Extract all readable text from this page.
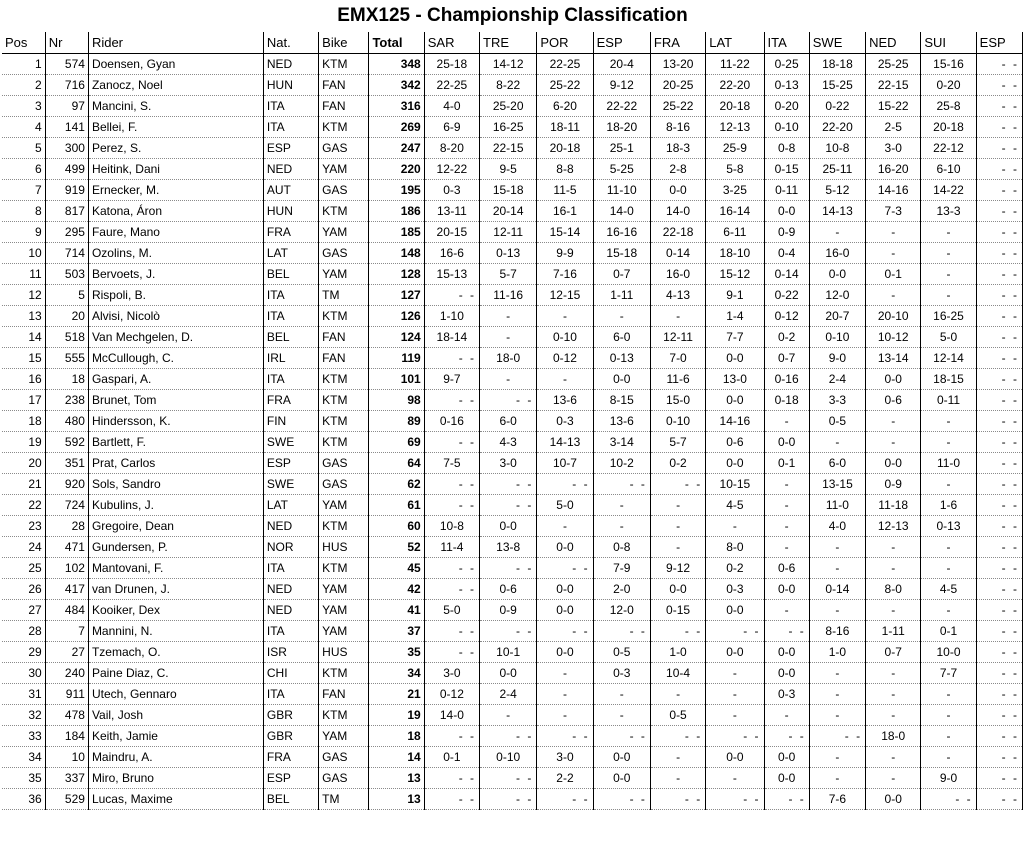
EMX125 - Championship Classification
Pos	Nr	Rider	Nat.	Bike	Total	SAR	TRE	POR	ESP	FRA	LAT	ITA	SWE	NED	SUI	ESP
1	574	Doensen, Gyan	NED	KTM	348	25-18	14-12	22-25	20-4	13-20	11-22	0-25	18-18	25-25	15-16	- -
2	716	Zanocz, Noel	HUN	FAN	342	22-25	8-22	25-22	9-12	20-25	22-20	0-13	15-25	22-15	0-20	- -
3	97	Mancini, S.	ITA	FAN	316	4-0	25-20	6-20	22-22	25-22	20-18	0-20	0-22	15-22	25-8	- -
4	141	Bellei, F.	ITA	KTM	269	6-9	16-25	18-11	18-20	8-16	12-13	0-10	22-20	2-5	20-18	- -
5	300	Perez, S.	ESP	GAS	247	8-20	22-15	20-18	25-1	18-3	25-9	0-8	10-8	3-0	22-12	- -
6	499	Heitink, Dani	NED	YAM	220	12-22	9-5	8-8	5-25	2-8	5-8	0-15	25-11	16-20	6-10	- -
7	919	Ernecker, M.	AUT	GAS	195	0-3	15-18	11-5	11-10	0-0	3-25	0-11	5-12	14-16	14-22	- -
8	817	Katona, Áron	HUN	KTM	186	13-11	20-14	16-1	14-0	14-0	16-14	0-0	14-13	7-3	13-3	- -
9	295	Faure, Mano	FRA	YAM	185	20-15	12-11	15-14	16-16	22-18	6-11	0-9	-	-	-	- -
10	714	Ozolins, M.	LAT	GAS	148	16-6	0-13	9-9	15-18	0-14	18-10	0-4	16-0	-	-	- -
11	503	Bervoets, J.	BEL	YAM	128	15-13	5-7	7-16	0-7	16-0	15-12	0-14	0-0	0-1	-	- -
12	5	Rispoli, B.	ITA	TM	127	- -	11-16	12-15	1-11	4-13	9-1	0-22	12-0	-	-	- -
13	20	Alvisi, Nicolò	ITA	KTM	126	1-10	-	-	-	-	1-4	0-12	20-7	20-10	16-25	- -
14	518	Van Mechgelen, D.	BEL	FAN	124	18-14	-	0-10	6-0	12-11	7-7	0-2	0-10	10-12	5-0	- -
15	555	McCullough, C.	IRL	FAN	119	- -	18-0	0-12	0-13	7-0	0-0	0-7	9-0	13-14	12-14	- -
16	18	Gaspari, A.	ITA	KTM	101	9-7	-	-	0-0	11-6	13-0	0-16	2-4	0-0	18-15	- -
17	238	Brunet, Tom	FRA	KTM	98	- -	- -	13-6	8-15	15-0	0-0	0-18	3-3	0-6	0-11	- -
18	480	Hindersson, K.	FIN	KTM	89	0-16	6-0	0-3	13-6	0-10	14-16	-	0-5	-	-	- -
19	592	Bartlett, F.	SWE	KTM	69	- -	4-3	14-13	3-14	5-7	0-6	0-0	-	-	-	- -
20	351	Prat, Carlos	ESP	GAS	64	7-5	3-0	10-7	10-2	0-2	0-0	0-1	6-0	0-0	11-0	- -
21	920	Sols, Sandro	SWE	GAS	62	- -	- -	- -	- -	- -	10-15	-	13-15	0-9	-	- -
22	724	Kubulins, J.	LAT	YAM	61	- -	- -	5-0	-	-	4-5	-	11-0	11-18	1-6	- -
23	28	Gregoire, Dean	NED	KTM	60	10-8	0-0	-	-	-	-	-	4-0	12-13	0-13	- -
24	471	Gundersen, P.	NOR	HUS	52	11-4	13-8	0-0	0-8	-	8-0	-	-	-	-	- -
25	102	Mantovani, F.	ITA	KTM	45	- -	- -	- -	7-9	9-12	0-2	0-6	-	-	-	- -
26	417	van Drunen, J.	NED	YAM	42	- -	0-6	0-0	2-0	0-0	0-3	0-0	0-14	8-0	4-5	- -
27	484	Kooiker, Dex	NED	YAM	41	5-0	0-9	0-0	12-0	0-15	0-0	-	-	-	-	- -
28	7	Mannini, N.	ITA	YAM	37	- -	- -	- -	- -	- -	- -	- -	8-16	1-11	0-1	- -
29	27	Tzemach, O.	ISR	HUS	35	- -	10-1	0-0	0-5	1-0	0-0	0-0	1-0	0-7	10-0	- -
30	240	Paine Diaz, C.	CHI	KTM	34	3-0	0-0	-	0-3	10-4	-	0-0	-	-	7-7	- -
31	911	Utech, Gennaro	ITA	FAN	21	0-12	2-4	-	-	-	-	0-3	-	-	-	- -
32	478	Vail, Josh	GBR	KTM	19	14-0	-	-	-	0-5	-	-	-	-	-	- -
33	184	Keith, Jamie	GBR	YAM	18	- -	- -	- -	- -	- -	- -	- -	- -	18-0	-	- -
34	10	Maindru, A.	FRA	GAS	14	0-1	0-10	3-0	0-0	-	0-0	0-0	-	-	-	- -
35	337	Miro, Bruno	ESP	GAS	13	- -	- -	2-2	0-0	-	-	0-0	-	-	9-0	- -
36	529	Lucas, Maxime	BEL	TM	13	- -	- -	- -	- -	- -	- -	- -	7-6	0-0	- -	- -
